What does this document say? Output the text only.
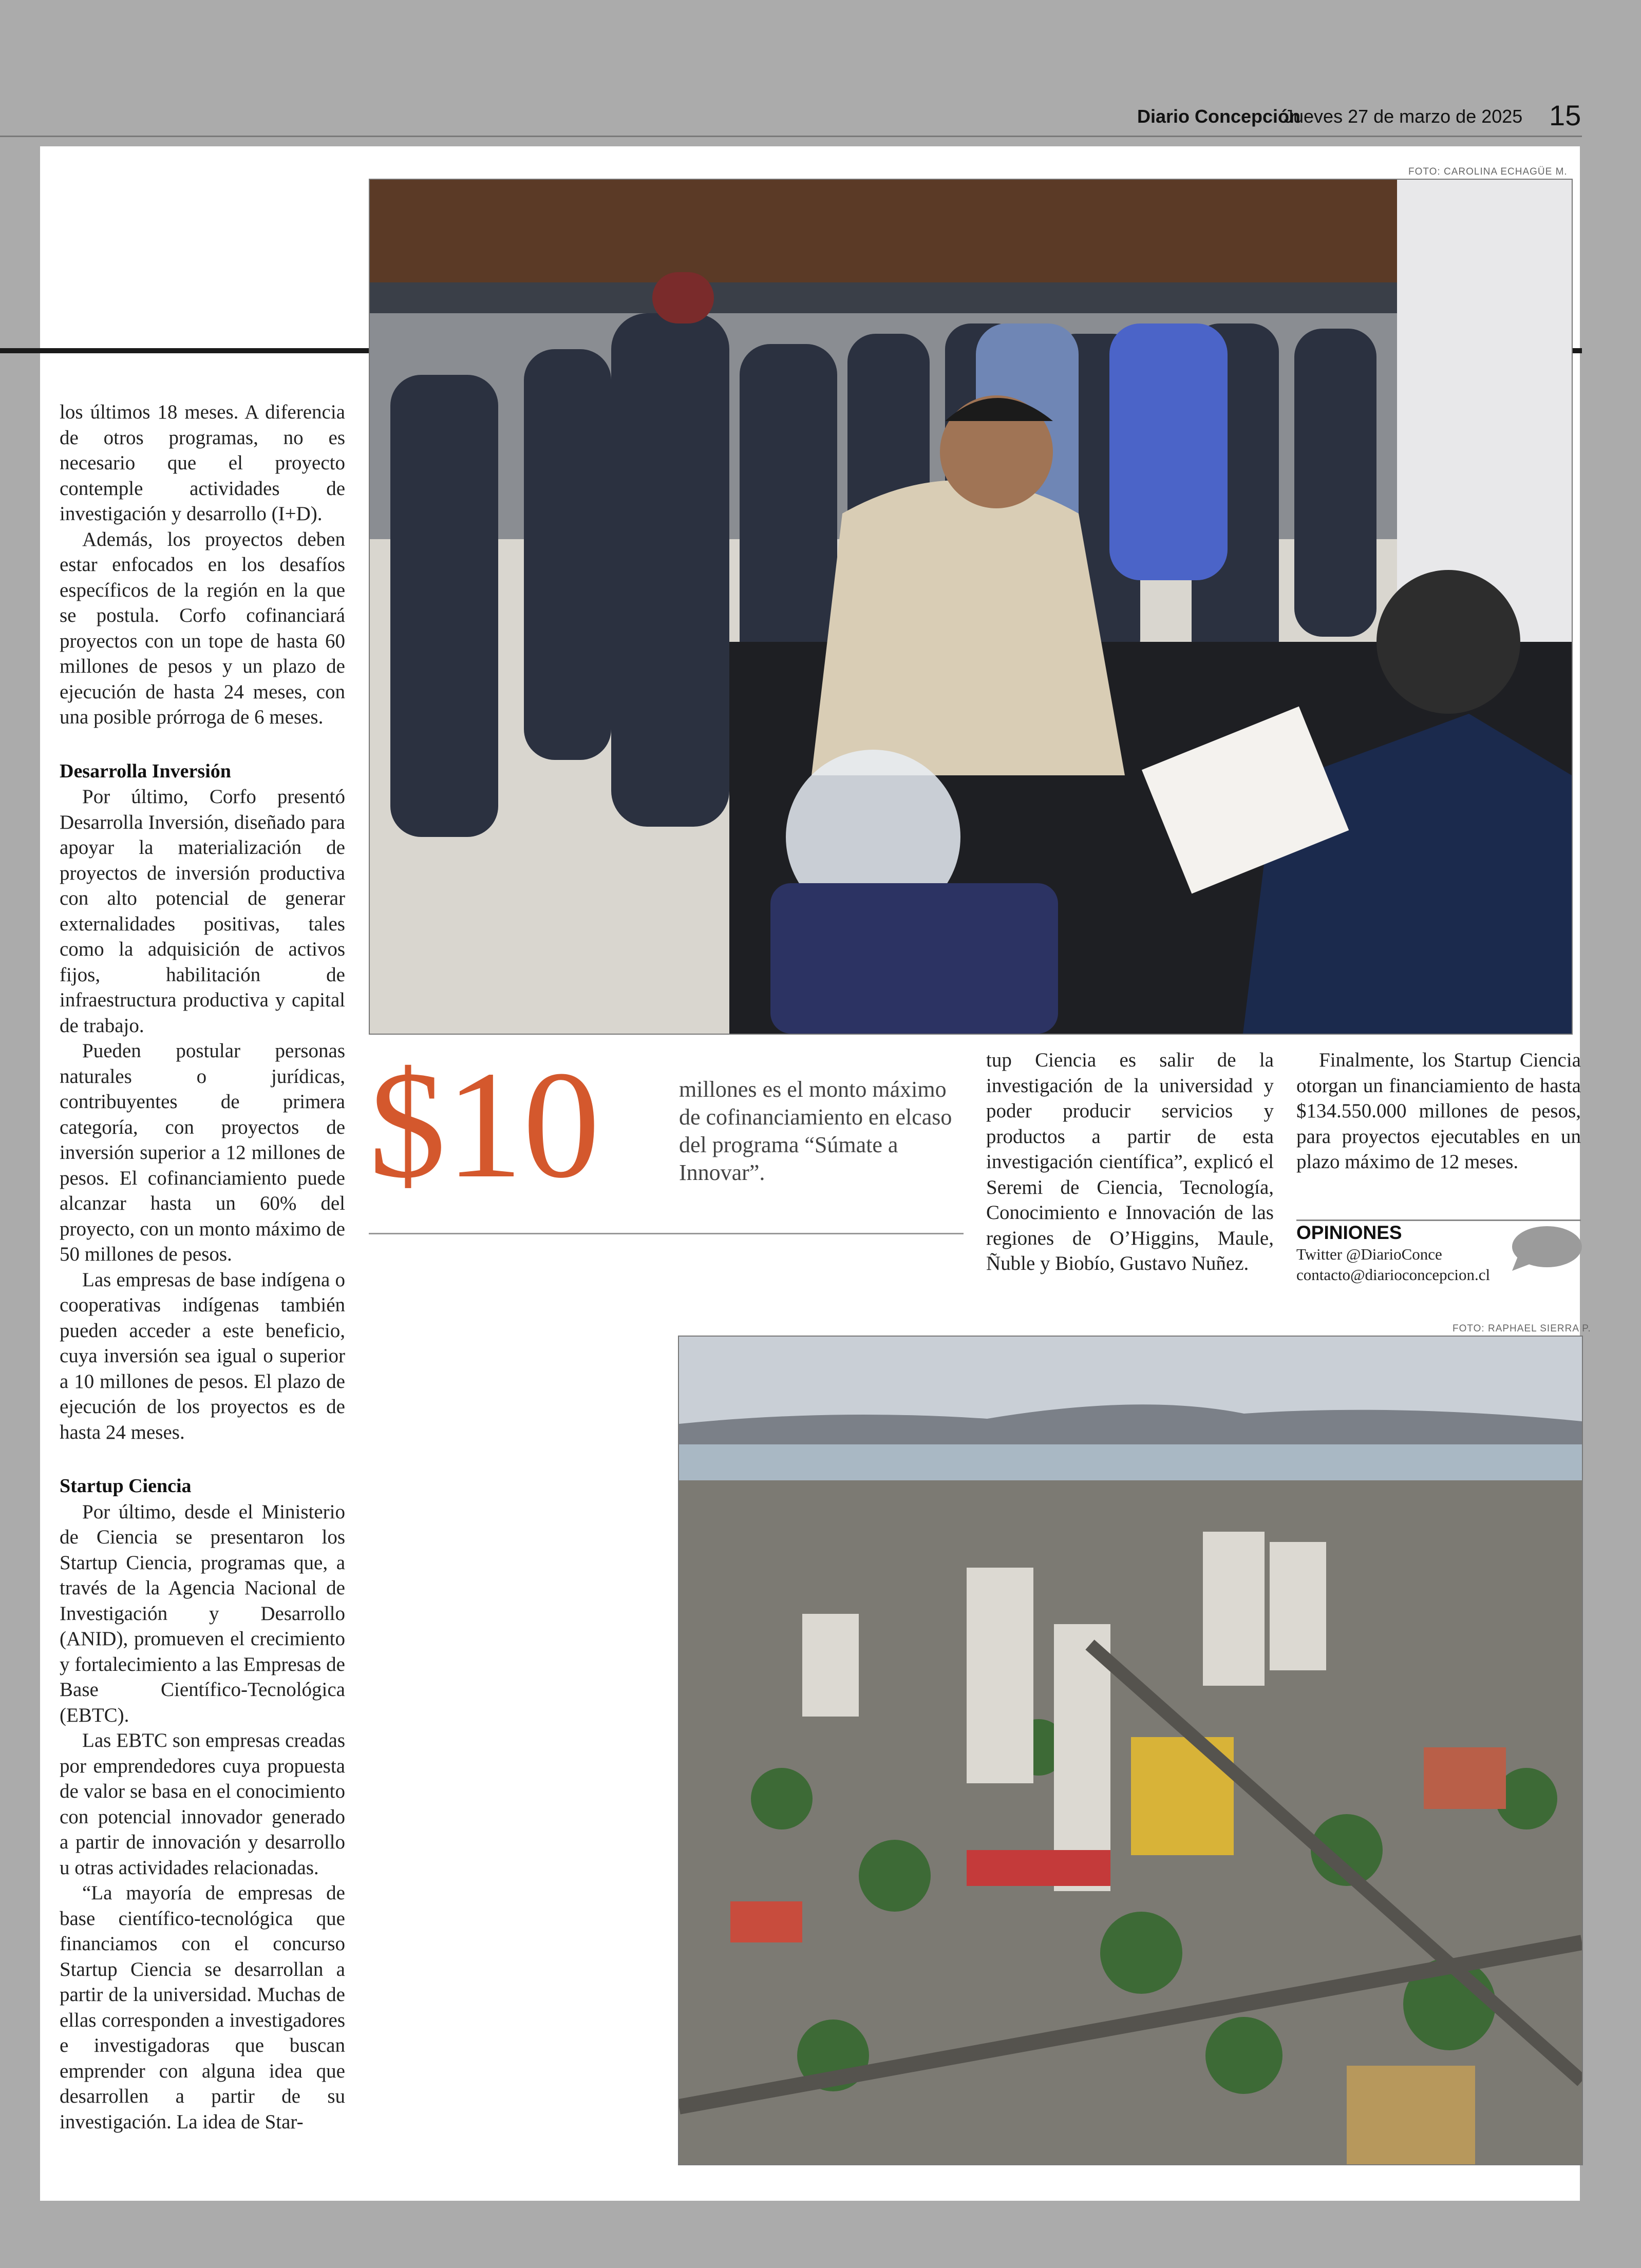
Diario Concepción
Jueves 27 de marzo de 2025 15
FOTO: CAROLINA ECHAGÜE M.

los últimos 18 meses. A diferencia de otros programas, no es necesario que el proyecto contemple actividades de investigación y desarrollo (I+D).

Además, los proyectos deben estar enfocados en los desafíos específicos de la región en la que se postula. Corfo cofinanciará proyectos con un tope de hasta 60 millones de pesos y un plazo de ejecución de hasta 24 meses, con una posible prórroga de 6 meses.

Desarrolla Inversión

Por último, Corfo presentó Desarrolla Inversión, diseñado para apoyar la materialización de proyectos de inversión productiva con alto potencial de generar externalidades positivas, tales como la adquisición de activos fijos, habilitación de infraestructura productiva y capital de trabajo.

Pueden postular personas naturales o jurídicas, contribuyentes de primera categoría, con proyectos de inversión superior a 12 millones de pesos. El cofinanciamiento puede alcanzar hasta un 60% del proyecto, con un monto máximo de 50 millones de pesos.

Las empresas de base indígena o cooperativas indígenas también pueden acceder a este beneficio, cuya inversión sea igual o superior a 10 millones de pesos. El plazo de ejecución de los proyectos es de hasta 24 meses.

Startup Ciencia

Por último, desde el Ministerio de Ciencia se presentaron los Startup Ciencia, programas que, a través de la Agencia Nacional de Investigación y Desarrollo (ANID), promueven el crecimiento y fortalecimiento a las Empresas de Base Científico-Tecnológica (EBTC).

Las EBTC son empresas creadas por emprendedores cuya propuesta de valor se basa en el conocimiento con potencial innovador generado a partir de innovación y desarrollo u otras actividades relacionadas.

“La mayoría de empresas de base científico-tecnológica que financiamos con el concurso Startup Ciencia se desarrollan a partir de la universidad. Muchas de ellas corresponden a investigadores e investigadoras que buscan emprender con alguna idea que desarrollen a partir de su investigación. La idea de Star-

$10	millones es el monto máximo de cofinanciamiento en elcaso del programa “Súmate a Innovar”.

tup Ciencia es salir de la investigación de la universidad y poder producir servicios y productos a partir de esta investigación científica”, explicó el Seremi de Ciencia, Tecnología, Conocimiento e Innovación de las regiones de O’Higgins, Maule, Ñuble y Biobío, Gustavo Nuñez.

Finalmente, los Startup Ciencia otorgan un financiamiento de hasta $134.550.000 millones de pesos, para proyectos ejecutables en un plazo máximo de 12 meses.

OPINIONES
Twitter @DiarioConce
contacto@diarioconcepcion.cl
FOTO: RAPHAEL SIERRA P.
